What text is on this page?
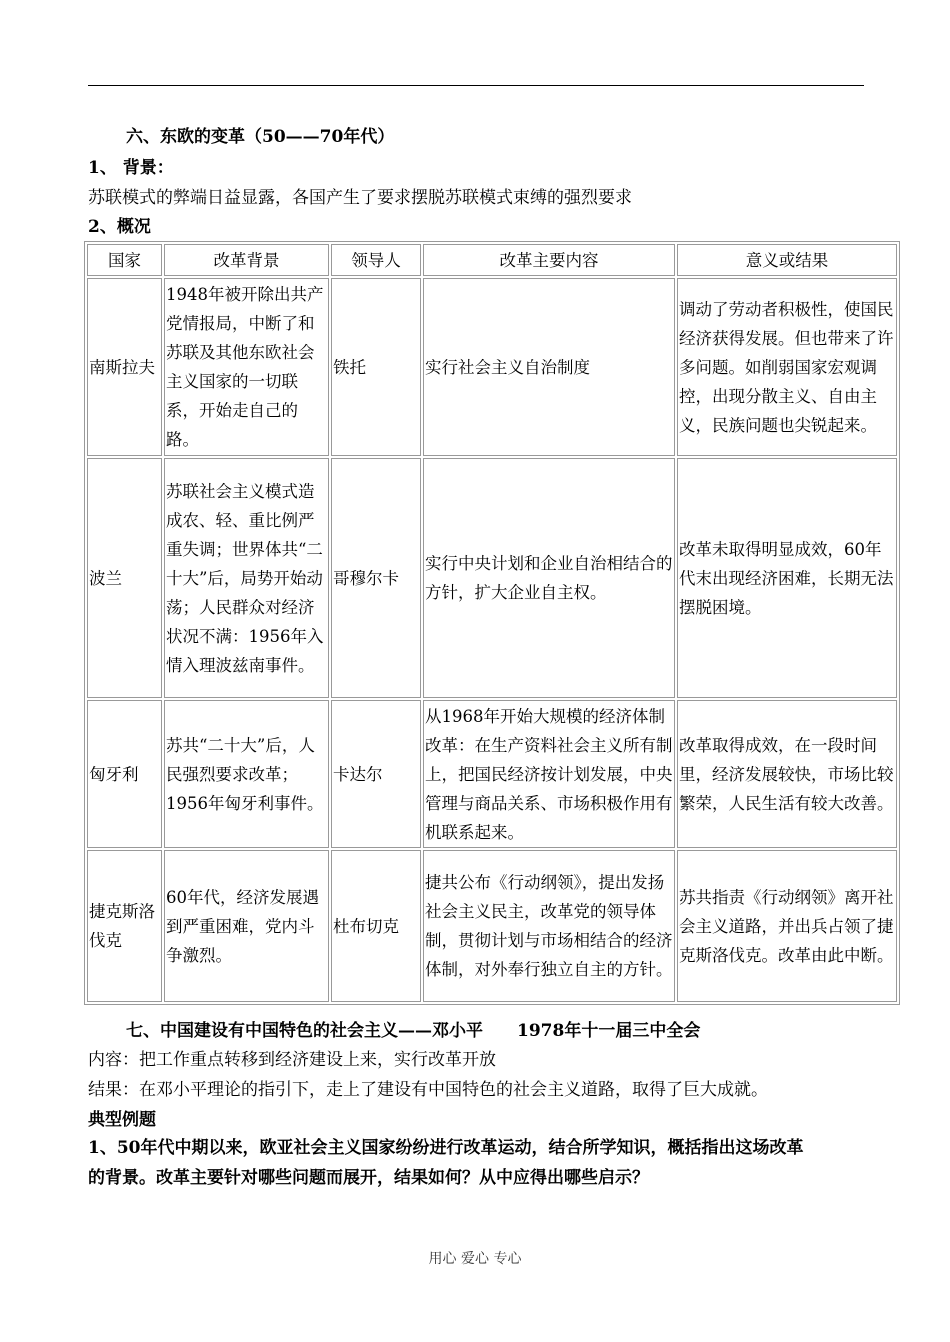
六、东欧的变革（50——70年代）
1、 背景：
苏联模式的弊端日益显露，各国产生了要求摆脱苏联模式束缚的强烈要求
2、概况
国家	改革背景	领导人	改革主要内容	意义或结果
南斯拉夫	1948年被开除出共产党情报局，中断了和苏联及其他东欧社会主义国家的一切联系，开始走自己的路。	铁托	实行社会主义自治制度	调动了劳动者积极性，使国民经济获得发展。但也带来了许多问题。如削弱国家宏观调控，出现分散主义、自由主义，民族问题也尖锐起来。
波兰	苏联社会主义模式造成农、轻、重比例严重失调；世界体共“二十大”后，局势开始动荡；人民群众对经济状况不满：1956年入情入理波兹南事件。	哥穆尔卡	实行中央计划和企业自治相结合的方针，扩大企业自主权。	改革未取得明显成效，60年代末出现经济困难，长期无法摆脱困境。
匈牙利	苏共“二十大”后，人民强烈要求改革；1956年匈牙利事件。	卡达尔	从1968年开始大规模的经济体制改革：在生产资料社会主义所有制上，把国民经济按计划发展，中央管理与商品关系、市场积极作用有机联系起来。	改革取得成效，在一段时间里，经济发展较快，市场比较繁荣，人民生活有较大改善。
捷克斯洛伐克	60年代，经济发展遇到严重困难，党内斗争激烈。	杜布切克	捷共公布《行动纲领》，提出发扬社会主义民主，改革党的领导体制，贯彻计划与市场相结合的经济体制，对外奉行独立自主的方针。	苏共指责《行动纲领》离开社会主义道路，并出兵占领了捷克斯洛伐克。改革由此中断。
七、中国建设有中国特色的社会主义——邓小平　　1978年十一届三中全会
内容：把工作重点转移到经济建设上来，实行改革开放
结果：在邓小平理论的指引下，走上了建设有中国特色的社会主义道路，取得了巨大成就。
典型例题
1、50年代中期以来，欧亚社会主义国家纷纷进行改革运动，结合所学知识，概括指出这场改革
的背景。改革主要针对哪些问题而展开，结果如何？从中应得出哪些启示？
用心 爱心 专心
